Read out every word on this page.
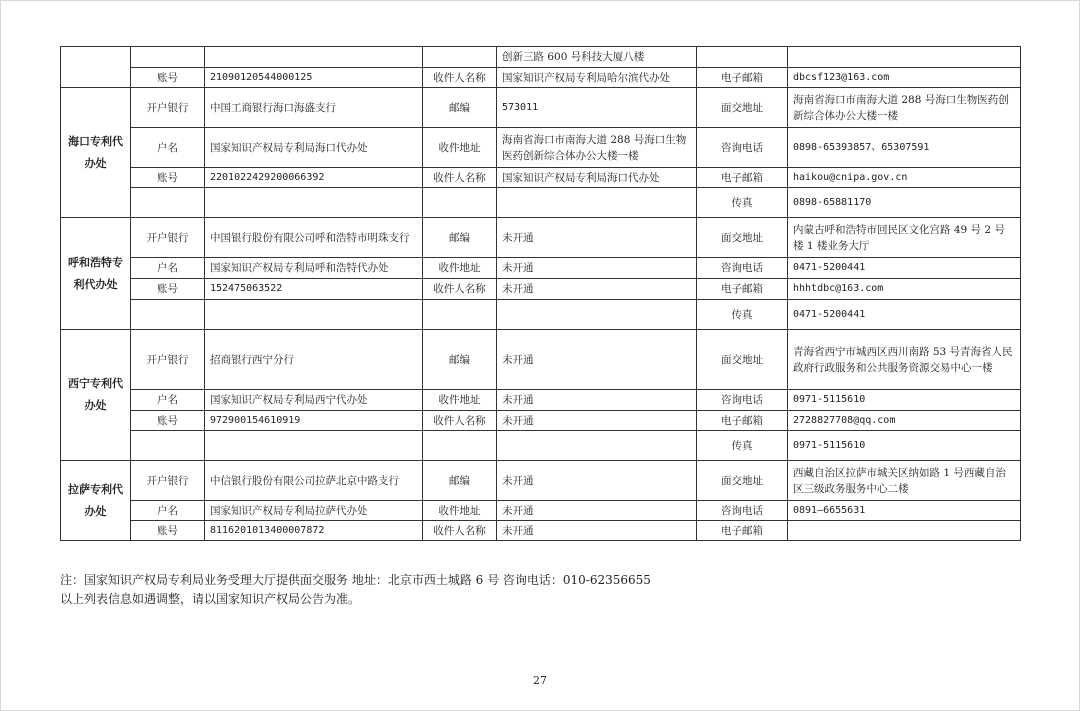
				创新三路 600 号科技大厦八楼		
	账号	21090120544000125	收件人名称	国家知识产权局专利局哈尔滨代办处	电子邮箱	dbcsf123@163.com
海口专利代办处	开户银行	中国工商银行海口海盛支行	邮编	573011	面交地址	海南省海口市南海大道 288 号海口生物医药创新综合体办公大楼一楼
	户名	国家知识产权局专利局海口代办处	收件地址	海南省海口市南海大道 288 号海口生物医药创新综合体办公大楼一楼	咨询电话	0898-65393857、65307591
	账号	2201022429200066392	收件人名称	国家知识产权局专利局海口代办处	电子邮箱	haikou@cnipa.gov.cn
					传真	0898-65881170
呼和浩特专利代办处	开户银行	中国银行股份有限公司呼和浩特市明珠支行	邮编	未开通	面交地址	内蒙古呼和浩特市回民区文化宫路 49 号 2 号楼 1 楼业务大厅
	户名	国家知识产权局专利局呼和浩特代办处	收件地址	未开通	咨询电话	0471-5200441
	账号	152475063522	收件人名称	未开通	电子邮箱	hhhtdbc@163.com
					传真	0471-5200441
西宁专利代办处	开户银行	招商银行西宁分行	邮编	未开通	面交地址	青海省西宁市城西区西川南路 53 号青海省人民政府行政服务和公共服务资源交易中心一楼
	户名	国家知识产权局专利局西宁代办处	收件地址	未开通	咨询电话	0971-5115610
	账号	972900154610919	收件人名称	未开通	电子邮箱	2728827708@qq.com
					传真	0971-5115610
拉萨专利代办处	开户银行	中信银行股份有限公司拉萨北京中路支行	邮编	未开通	面交地址	西藏自治区拉萨市城关区纳如路 1 号西藏自治区三级政务服务中心二楼
	户名	国家知识产权局专利局拉萨代办处	收件地址	未开通	咨询电话	0891—6655631
	账号	8116201013400007872	收件人名称	未开通	电子邮箱	
注：国家知识产权局专利局业务受理大厅提供面交服务 地址：北京市西土城路 6 号 咨询电话：010-62356655
以上列表信息如遇调整，请以国家知识产权局公告为准。
27
